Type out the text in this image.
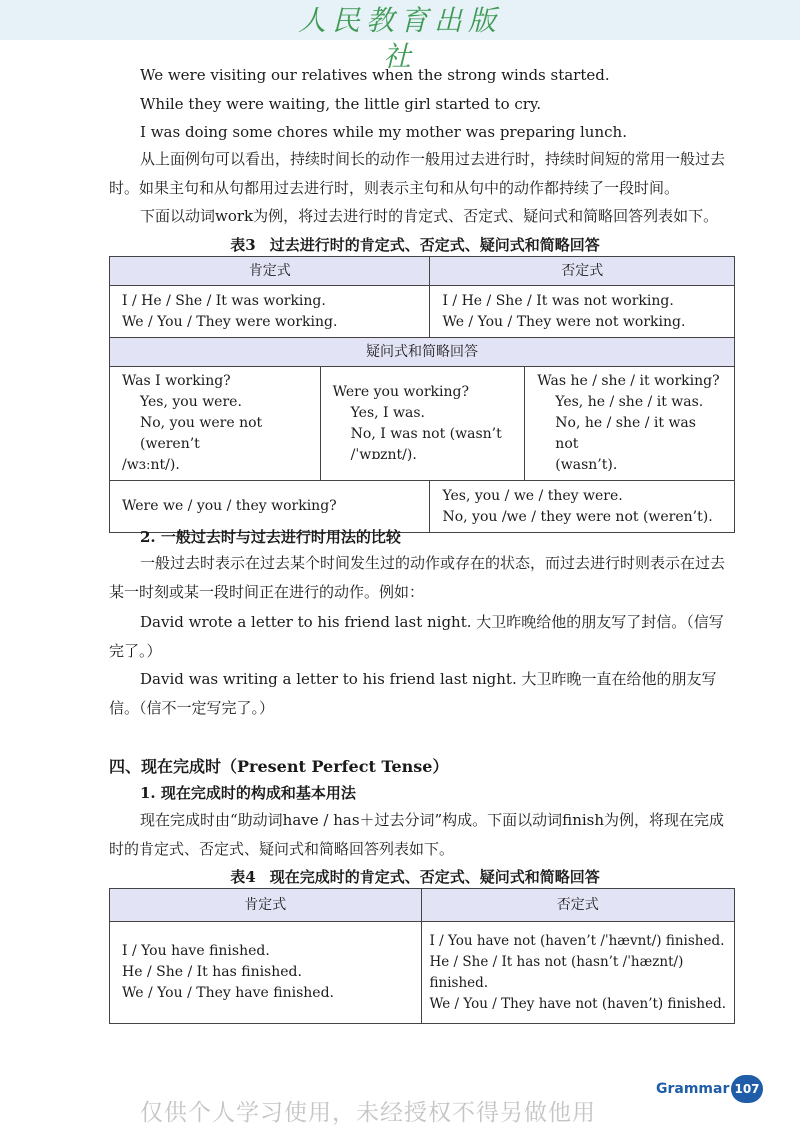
人民教育出版社

We were visiting our relatives when the strong winds started.

While they were waiting, the little girl started to cry.

I was doing some chores while my mother was preparing lunch.

从上面例句可以看出，持续时间长的动作一般用过去进行时，持续时间短的常用一般过去时。如果主句和从句都用过去进行时，则表示主句和从句中的动作都持续了一段时间。

下面以动词work为例，将过去进行时的肯定式、否定式、疑问式和简略回答列表如下。

表3 过去进行时的肯定式、否定式、疑问式和简略回答

肯定式		否定式	

I / He / She / It was working.
We / You / They were working.		I / He / She / It was not working.
We / You / They were not working.	

疑问式和简略回答			

Was I working?
Yes, you were.
No, you were not (weren’t
/wɜːnt/).	Were you working?
Yes, I was.
No, I was not (wasn’t
/ˈwɒznt/).		Was he / she / it working?
Yes, he / she / it was.
No, he / she / it was not
(wasn’t).

Were we / you / they working?		Yes, you / we / they were.
No, you /we / they were not (weren’t).	

2. 一般过去时与过去进行时用法的比较

一般过去时表示在过去某个时间发生过的动作或存在的状态，而过去进行时则表示在过去某一时刻或某一段时间正在进行的动作。例如：

David wrote a letter to his friend last night. 大卫昨晚给他的朋友写了封信。（信写完了。）

David was writing a letter to his friend last night. 大卫昨晚一直在给他的朋友写信。（信不一定写完了。）

四、现在完成时（Present Perfect Tense）

1. 现在完成时的构成和基本用法

现在完成时由“助动词have / has＋过去分词”构成。下面以动词finish为例，将现在完成时的肯定式、否定式、疑问式和简略回答列表如下。

表4 现在完成时的肯定式、否定式、疑问式和简略回答

肯定式	否定式

I / You have finished.
He / She / It has finished.
We / You / They have finished.	I / You have not (haven’t /ˈhævnt/) finished.
He / She / It has not (hasn’t /ˈhæznt/) finished.
We / You / They have not (haven’t) finished.
Grammar 107
仅供个人学习使用，未经授权不得另做他用
